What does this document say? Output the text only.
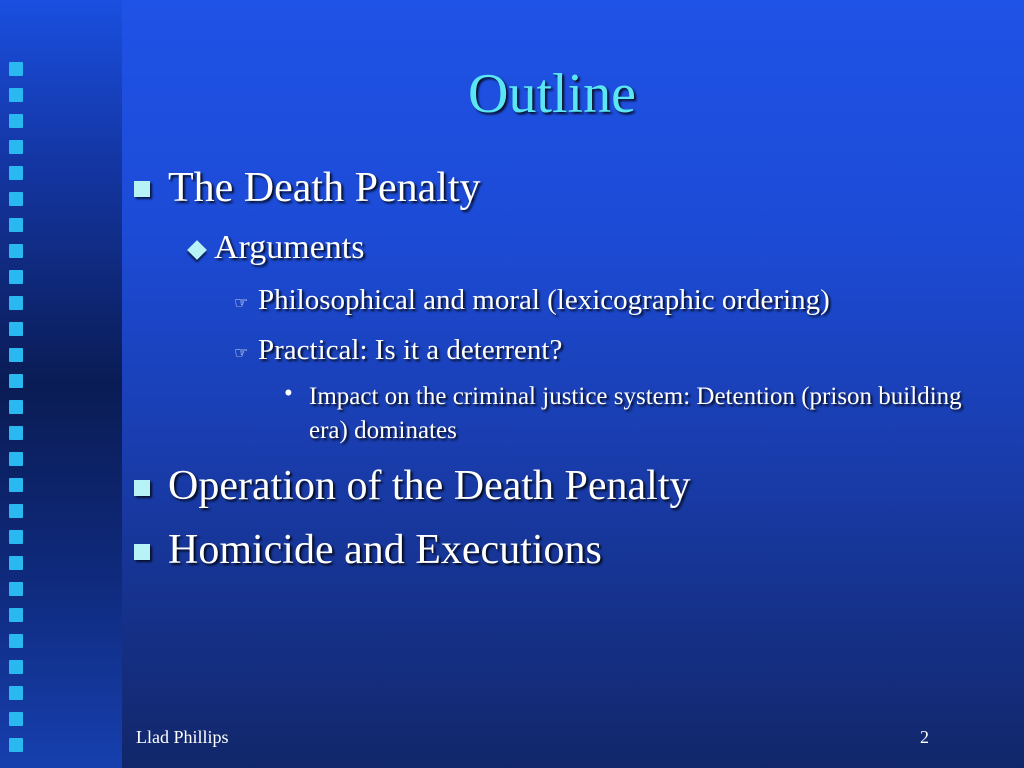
Outline
The Death Penalty
Arguments
☞ Philosophical and moral (lexicographic ordering)
☞ Practical: Is it a deterrent?
• Impact on the criminal justice system: Detention (prison building era) dominates
Operation of the Death Penalty
Homicide and Executions
Llad Phillips	2
